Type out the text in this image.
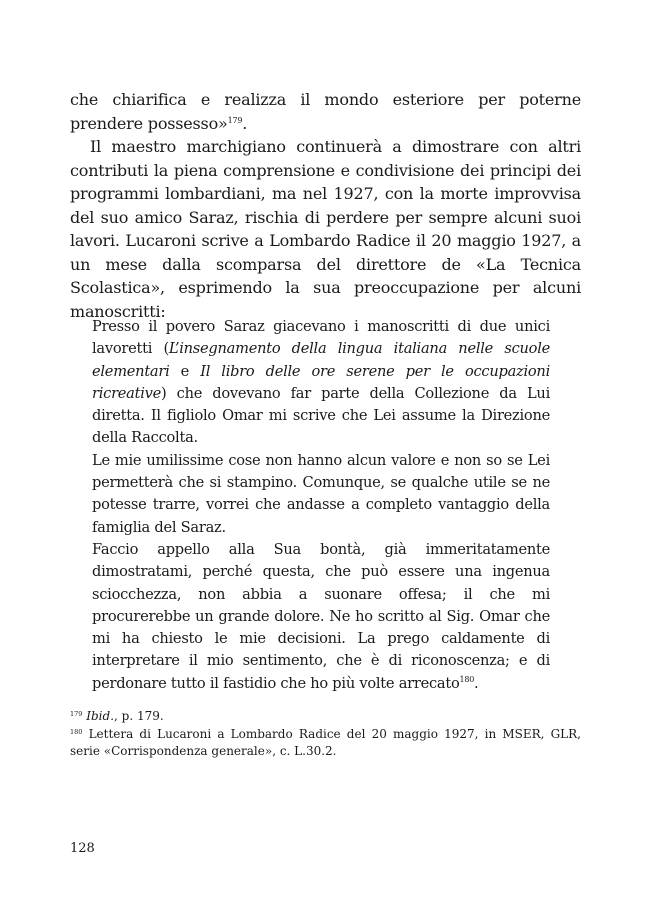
che chiarifica e realizza il mondo esteriore per poterne prendere possesso»$^{179}$.

Il maestro marchigiano continuerà a dimostrare con altri contributi la piena comprensione e condivisione dei principi dei programmi lombardiani, ma nel 1927, con la morte improvvisa del suo amico Saraz, rischia di perdere per sempre alcuni suoi lavori. Lucaroni scrive a Lombardo Radice il 20 maggio 1927, a un mese dalla scomparsa del direttore de «La Tecnica Scolastica», esprimendo la sua preoccupazione per alcuni manoscritti:

Presso il povero Saraz giacevano i manoscritti di due unici lavoretti (L’insegnamento della lingua italiana nelle scuole elementari e Il libro delle ore serene per le occupazioni ricreative) che dovevano far parte della Collezione da Lui diretta. Il figliolo Omar mi scrive che Lei assume la Direzione della Raccolta.

Le mie umilissime cose non hanno alcun valore e non so se Lei permetterà che si stampino. Comunque, se qualche utile se ne potesse trarre, vorrei che andasse a completo vantaggio della famiglia del Saraz.

Faccio appello alla Sua bontà, già immeritatamente dimostratami, perché questa, che può essere una ingenua sciocchezza, non abbia a suonare offesa; il che mi procurerebbe un grande dolore. Ne ho scritto al Sig. Omar che mi ha chiesto le mie decisioni. La prego caldamente di interpretare il mio sentimento, che è di riconoscenza; e di perdonare tutto il fastidio che ho più volte arrecato$^{180}$.

$^{179}$ Ibid., p. 179.

$^{180}$ Lettera di Lucaroni a Lombardo Radice del 20 maggio 1927, in MSER, GLR, serie «Corrispondenza generale», c. L.30.2.

128
